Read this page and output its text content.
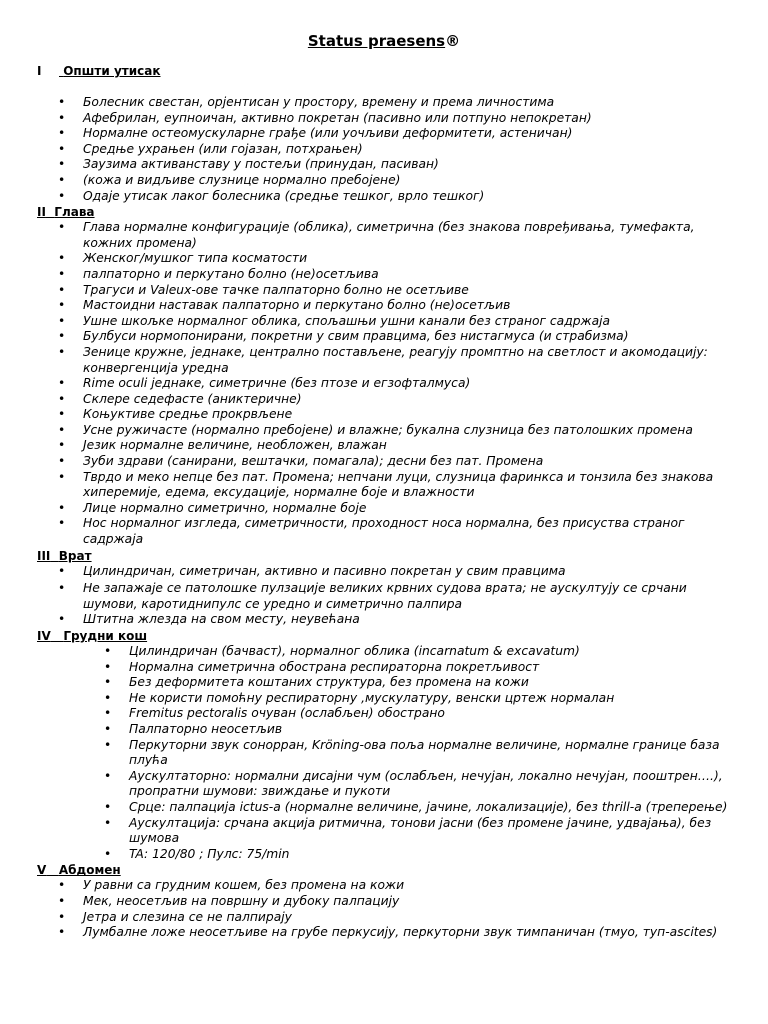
Status praesens®
I Општи утисак
• Болесник свестан, орјентисан у простору, времену и према личностима
• Афебрилан, еупноичан, активно покретан (пасивно или потпуно непокретан)
• Нормалне остеомускуларне грађе (или уочљиви деформитети, астеничан)
• Средње ухрањен (или гојазан, потхрањен)
• Заузима активанставу у постељи (принудан, пасиван)
• (кожа и видљиве слузнице нормално пребојене)
• Одаје утисак лаког болесника (средње тешког, врло тешког)
II Глава
• Глава нормалне конфигурације (облика), симетрична (без знакова повређивања, тумефакта, кожних промена)
• Женског/мушког типа косматости
• палпаторно и перкутано болно (не)осетљива
• Трагуси и Valeux-ове тачке палпаторно болно не осетљиве
• Мастоидни наставак палпаторно и перкутано болно (не)осетљив
• Ушне шкољке нормалног облика, спољашњи ушни канали без страног садржаја
• Булбуси нормопонирани, покретни у свим правцима, без нистагмуса (и страбизма)
• Зенице кружне, једнаке, централно постављене, реагују промптно на светлост и акомодацију: конвергенција уредна
• Rime oculi једнаке, симетричне (без птозе и егзофталмуса)
• Склере седефасте (аниктеричне)
• Коњуктиве средње прокрвљене
• Усне ружичасте (нормално пребојене) и влажне; букална слузница без патолошких промена
• Језик нормалне величине, необложен, влажан
• Зуби здрави (санирани, вештачки, помагала); десни без пат. Промена
• Тврдо и меко непце без пат. Промена; непчани луци, слузница фаринкса и тонзила без знакова хиперемије, едема, ексудације, нормалне боје и влажности
• Лице нормално симетрично, нормалне боје
• Нос нормалног изгледа, симетричности, проходност носа нормална, без присуства страног садржаја
III Врат
• Цилиндричан, симетричан, активно и пасивно покретан у свим правцима
• Не запажаје се патолошке пулзације великих крвних судова врата; не аускултују се срчани шумови, каротиднипулс се уредно и симетрично палпира
• Штитна жлезда на свом месту, неувећана
IV Грудни кош
• Цилиндричан (бачваст), нормалног облика (incarnatum & excavatum)
• Нормална симетрична обострана респираторна покретљивост
• Без деформитета коштаних структура, без промена на кожи
• Не користи помоћну респираторну ,мускулатуру, венски цртеж нормалан
• Fremitus pectoralis очуван (ослабљен) обострано
• Палпаторно неосетљив
• Перкуторни звук сонорран, Kröning-ова поља нормалне величине, нормалне границе база плућа
• Аускултаторно: нормални дисајни чум (ослабљен, нечујан, локално нечујан, пооштрен….), пропратни шумови: звиждање и пукоти
• Срце: палпација ictus-a (нормалне величине, јачине, локализације), без thrill-a (треперење)
• Аускултација: срчана акција ритмична, тонови јасни (без промене јачине, удвајања), без шумова
• TA: 120/80 ; Пулс: 75/min
V Абдомен
• У равни са грудним кошем, без промена на кожи
• Мек, неосетљив на површну и дубоку палпацију
• Јетра и слезина се не палпирају
• Лумбалне ложе неосетљиве на грубе перкусију, перкуторни звук тимпаничан (тмуо, туп-ascites)
